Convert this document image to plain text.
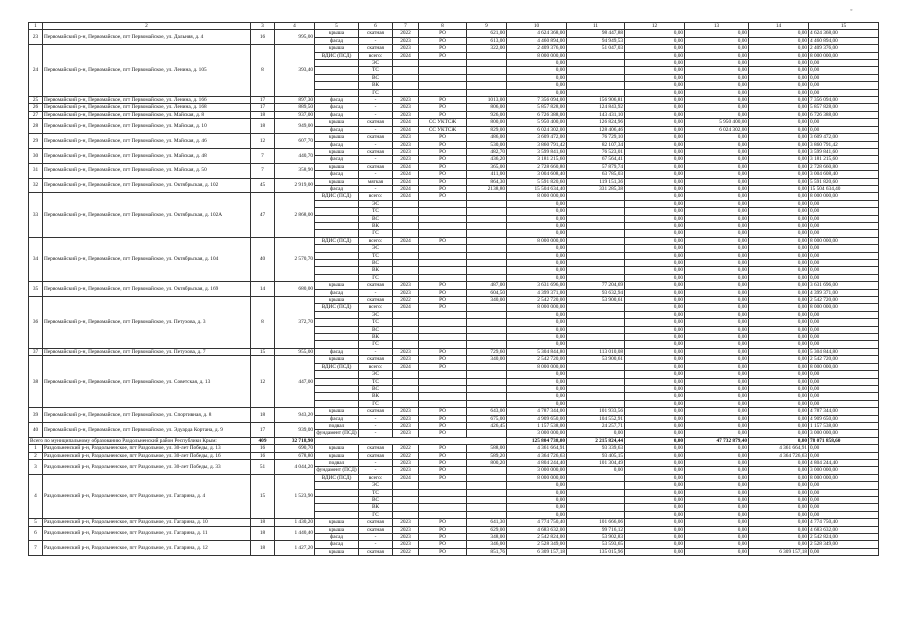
◦
1	2	3	4	5	6	7	8	9	10	11	12	13	14	15
23	Первомайский р-н, Первомайское, пгт Первомайское, ул. Дальняя, д. 4	16	995,00	крыша	скатная	2022	РО	621,00	4 624 368,00	98 447,88	0,00	0,00	0,00	4 624 368,00
				фасад	-	2023	РО	613,00	4 460 894,00	94 949,53	0,00	0,00	0,00	4 460 894,00
24	Первомайский р-н, Первомайское, пгт Первомайское, ул. Ленина, д. 105	8	393,40	крыша	скатная	2023	РО	322,00	2 409 376,00	51 047,03	0,00	0,00	0,00	2 409 376,00
				ВДИС (ПСД)	всего:	2024	РО		8 000 000,00		0,00	0,00	0,00	8 000 000,00
					ЭС				0,00		0,00	0,00	0,00	0,00
					ТС				0,00		0,00	0,00	0,00	0,00
					ВС				0,00		0,00	0,00	0,00	0,00
					ВК				0,00		0,00	0,00	0,00	0,00
					ГС				0,00		0,00	0,00	0,00	0,00
25	Первомайский р-н, Первомайское, пгт Первомайское, ул. Ленина, д. 166	17	897,30	фасад	-	2023	РО	1013,00	7 356 094,00	156 906,81	0,00	0,00	0,00	7 356 094,00
26	Первомайский р-н, Первомайское, пгт Первомайское, ул. Ленина, д. 168	17	889,50	фасад	-	2023	РО	806,00	5 857 828,00	124 843,92	0,00	0,00	0,00	5 857 828,00
27	Первомайский р-н, Первомайское, пгт Первомайское, ул. Майская, д. 8	18	937,00	фасад	-	2023	РО	926,00	6 726 388,00	143 431,10	0,00	0,00	0,00	6 726 388,00
28	Первомайский р-н, Первомайское, пгт Первомайское, ул. Майская, д. 10	18	949,00	крыша	скатная	2024	СС УКТСЖ	800,00	5 950 400,00	126 824,96	0,00	5 950 400,00	0,00	0,00
				фасад	-	2024	СС УКТСЖ	829,00	6 024 302,00	128 406,46	0,00	6 024 302,00	0,00	0,00
29	Первомайский р-н, Первомайское, пгт Первомайское, ул. Майская, д. 46	12	607,70	крыша	скатная	2023	РО	486,00	3 609 472,00	76 729,10	0,00	0,00	0,00	3 609 472,00
				фасад	-	2023	РО	530,00	3 860 791,42	82 107,34	0,00	0,00	0,00	3 860 791,42
30	Первомайский р-н, Первомайское, пгт Первомайское, ул. Майская, д. 48	7	440,70	крыша	скатная	2023	РО	482,70	3 599 841,60	76 523,01	0,00	0,00	0,00	3 599 841,60
				фасад	-	2023	РО	436,20	3 181 215,60	67 564,41	0,00	0,00	0,00	3 181 215,60
31	Первомайский р-н, Первомайское, пгт Первомайское, ул. Майская, д. 50	7	358,90	крыша	скатная	2024	РО	365,00	2 728 660,80	57 879,74	0,00	0,00	0,00	2 728 660,80
				фасад	-	2024	РО	411,00	3 004 608,40	63 785,03	0,00	0,00	0,00	3 004 608,40
32	Первомайский р-н, Первомайское, пгт Первомайское, ул. Октябрьская, д. 102	45	2 919,00	крыша	мягкая	2024	РО	864,30	5 591 820,60	119 151,36	0,00	0,00	0,00	5 591 820,60
				фасад	-	2024	РО	2138,80	15 504 634,40	331 285,38	0,00	0,00	0,00	15 504 634,40
33	Первомайский р-н, Первомайское, пгт Первомайское, ул. Октябрьская, д. 102А	47	2 868,00	ВДИС (ПСД)	всего:	2024	РО		8 000 000,00		0,00	0,00	0,00	8 000 000,00
					ЭС				0,00		0,00	0,00	0,00	0,00
					ТС				0,00		0,00	0,00	0,00	0,00
					ВС				0,00		0,00	0,00	0,00	0,00
					ВК				0,00		0,00	0,00	0,00	0,00
					ГС				0,00		0,00	0,00	0,00	0,00
34	Первомайский р-н, Первомайское, пгт Первомайское, ул. Октябрьская, д. 104	40	2 570,70	ВДИС (ПСД)	всего:	2024	РО		8 000 000,00		0,00	0,00	0,00	8 000 000,00
					ЭС				0,00		0,00	0,00	0,00	0,00
					ТС				0,00		0,00	0,00	0,00	0,00
					ВС				0,00		0,00	0,00	0,00	0,00
					ВК				0,00		0,00	0,00	0,00	0,00
					ГС				0,00		0,00	0,00	0,00	0,00
35	Первомайский р-н, Первомайское, пгт Первомайское, ул. Октябрьская, д. 169	14	680,00	крыша	скатная	2023	РО	487,00	3 631 696,00	77 204,69	0,00	0,00	0,00	3 631 696,00
				фасад	-	2023	РО	604,50	4 399 371,00	93 632,94	0,00	0,00	0,00	4 399 371,00
36	Первомайский р-н, Первомайское, пгт Первомайское, ул. Петухова, д. 3	8	372,70	крыша	скатная	2022	РО	340,00	2 542 720,00	53 900,61	0,00	0,00	0,00	2 542 720,00
				ВДИС (ПСД)	всего:	2024	РО		8 000 000,00		0,00	0,00	0,00	8 000 000,00
					ЭС				0,00		0,00	0,00	0,00	0,00
					ТС				0,00		0,00	0,00	0,00	0,00
					ВС				0,00		0,00	0,00	0,00	0,00
					ВК				0,00		0,00	0,00	0,00	0,00
					ГС				0,00		0,00	0,00	0,00	0,00
37	Первомайский р-н, Первомайское, пгт Первомайское, ул. Петухова, д. 7	15	955,00	фасад	-	2023	РО	729,60	5 304 844,80	113 010,08	0,00	0,00	0,00	5 304 844,80
38	Первомайский р-н, Первомайское, пгт Первомайское, ул. Советская, д. 13	12	447,00	крыша	скатная	2023	РО	340,00	2 542 720,00	53 900,61	0,00	0,00	0,00	2 542 720,00
				ВДИС (ПСД)	всего:	2024	РО		8 000 000,00		0,00	0,00	0,00	8 000 000,00
					ЭС				0,00		0,00	0,00	0,00	0,00
					ТС				0,00		0,00	0,00	0,00	0,00
					ВС				0,00		0,00	0,00	0,00	0,00
					ВК				0,00		0,00	0,00	0,00	0,00
					ГС				0,00		0,00	0,00	0,00	0,00
39	Первомайский р-н, Первомайское, пгт Первомайское, ул. Спортивная, д. 8	18	943,20	крыша	скатная	2023	РО	643,00	4 787 344,00	101 933,56	0,00	0,00	0,00	4 787 344,00
				фасад	-	2023	РО	675,00	4 909 650,00	104 552,91	0,00	0,00	0,00	4 909 650,00
40	Первомайский р-н, Первомайское, пгт Первомайское, ул. Эдуарда Кортана, д. 9	17	939,00	подвал	-	2023	РО	426,45	1 157 538,00	24 257,71	0,00	0,00	0,00	1 157 538,00
				фундамент (ПСД)	-	2023	РО		3 000 000,00	0,00	0,00	0,00	0,00	3 000 000,00
Всего по муниципальному образованию Раздольненский район Республики Крым:		409	32 718,90						125 804 738,00	2 215 824,44	0,00	47 732 879,40	0,00	78 071 858,60
1	Раздольненский р-н, Раздольненское, пгт Раздольное, ул. 30-лет Победы, д. 13	16	690,70	крыша	скатная	2022	РО	588,00	4 361 664,91	93 339,63	0,00	0,00	4 361 664,91	0,00
2	Раздольненский р-н, Раздольненское, пгт Раздольное, ул. 30-лет Победы, д. 16	16	678,80	крыша	скатная	2022	РО	589,20	4 364 726,63	93 405,15	0,00	0,00	4 364 726,63	0,00
3	Раздольненский р-н, Раздольненское, пгт Раздольное, ул. 30-лет Победы, д. 33	51	4 044,20	подвал	-	2023	РО	800,20	4 804 244,40	101 304,49	0,00	0,00	0,00	4 804 244,40
				фундамент (ПСД)	-	2023	РО		3 000 000,00	0,00	0,00	0,00	0,00	3 000 000,00
4	Раздольненский р-н, Раздольненское, пгт Раздольное, ул. Гагарина, д. 4	15	1 523,90	ВДИС (ПСД)	всего:	2024	РО		8 000 000,00		0,00	0,00	0,00	8 000 000,00
					ЭС				0,00		0,00	0,00	0,00	0,00
					ТС				0,00		0,00	0,00	0,00	0,00
					ВС				0,00		0,00	0,00	0,00	0,00
					ВК				0,00		0,00	0,00	0,00	0,00
					ГС				0,00		0,00	0,00	0,00	0,00
5	Раздольненский р-н, Раздольненское, пгт Раздольное, ул. Гагарина, д. 10	18	1 430,20	крыша	скатная	2023	РО	641,30	4 774 750,40	101 666,06	0,00	0,00	0,00	4 774 750,40
6	Раздольненский р-н, Раздольненское, пгт Раздольное, ул. Гагарина, д. 11	18	1 440,40	крыша	скатная	2023	РО	629,00	4 683 632,00	99 716,12	0,00	0,00	0,00	4 683 632,00
				фасад	-	2023	РО	348,00	2 542 824,00	53 902,83	0,00	0,00	0,00	2 542 824,00
7	Раздольненский р-н, Раздольненское, пгт Раздольное, ул. Гагарина, д. 12	18	1 427,20	фасад	-	2023	РО	346,00	2 528 349,00	53 593,65	0,00	0,00	0,00	2 528 349,00
				крыша	скатная	2022	РО	851,76	6 309 157,18	135 015,96	0,00	0,00	6 309 157,18	0,00
